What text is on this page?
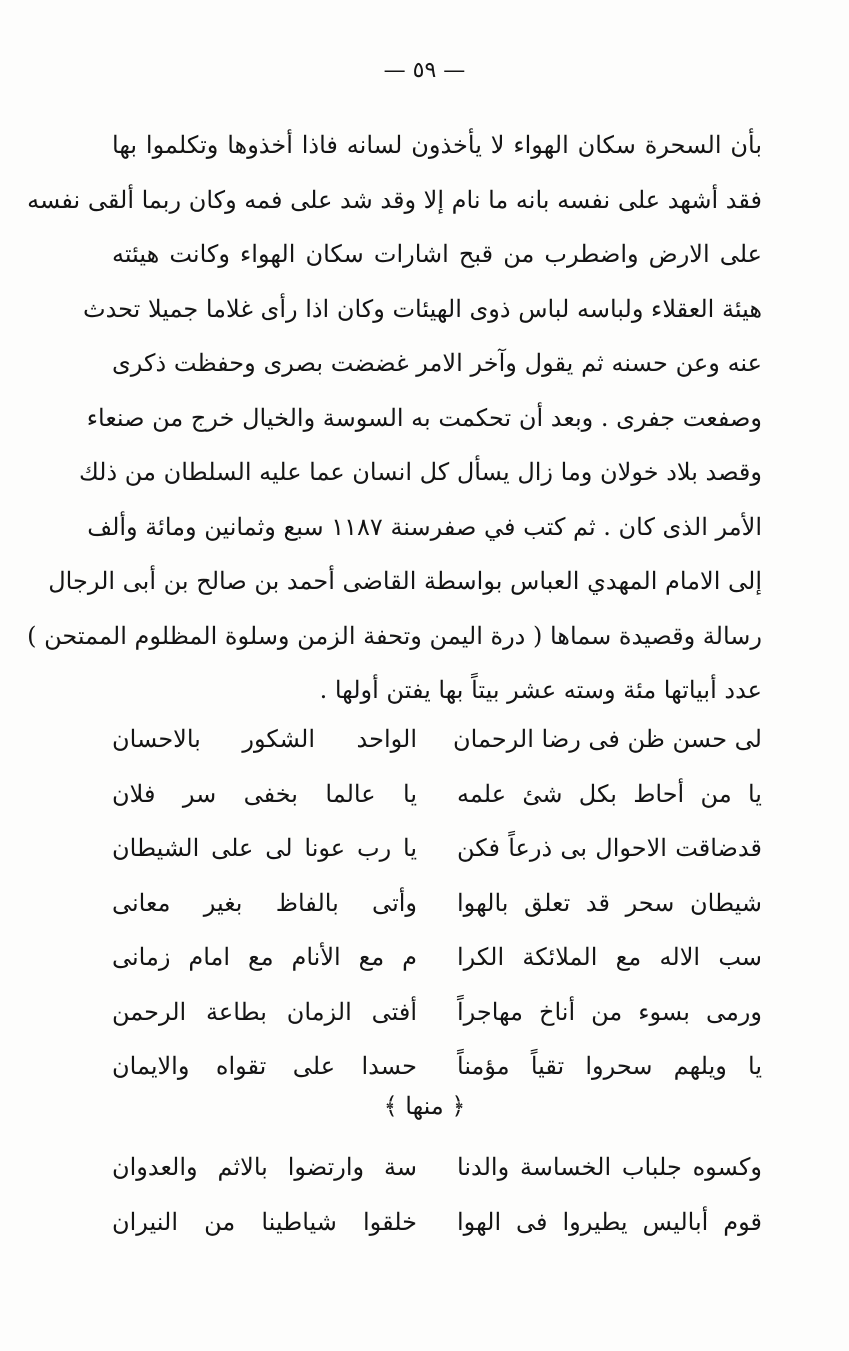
— ٥٩ —
بأن السحرة سكان الهواء لا يأخذون لسانه فاذا أخذوها وتكلموا بها
فقد أشهد على نفسه بانه ما نام إلا وقد شد على فمه وكان ربما ألقى نفسه
على الارض واضطرب من قبح اشارات سكان الهواء وكانت هيئته
هيئة العقلاء ولباسه لباس ذوى الهيئات وكان اذا رأى غلاما جميلا تحدث
عنه وعن حسنه ثم يقول وآخر الامر غضضت بصرى وحفظت ذكرى
وصفعت جفرى . وبعد أن تحكمت به السوسة والخيال خرج من صنعاء
وقصد بلاد خولان وما زال يسأل كل انسان عما عليه السلطان من ذلك
الأمر الذى كان . ثم كتب في صفرسنة ١١٨٧ سبع وثمانين ومائة وألف
إلى الامام المهدي العباس بواسطة القاضى أحمد بن صالح بن أبى الرجال
رسالة وقصيدة سماها ( درة اليمن وتحفة الزمن وسلوة المظلوم الممتحن )
عدد أبياتها مئة وسته عشر بيتاً بها يفتن أولها .
لى حسن ظن فى رضا الرحمان
الواحد الشكور بالاحسان
يا من أحاط بكل شئ علمه
يا عالما بخفى سر فلان
قدضاقت الاحوال بى ذرعاً فكن
يا رب عونا لى على الشيطان
شيطان سحر قد تعلق بالهوا
وأتى بالفاظ بغير معانى
سب الاله مع الملائكة الكرا
م مع الأنام مع امام زمانى
ورمى بسوء من أناخ مهاجراً
أفتى الزمان بطاعة الرحمن
يا ويلهم سحروا تقياً مؤمناً
حسدا على تقواه والايمان
﴿ منها ﴾
وكسوه جلباب الخساسة والدنا
سة وارتضوا بالاثم والعدوان
قوم أباليس يطيروا فى الهوا
خلقوا شياطينا من النيران
